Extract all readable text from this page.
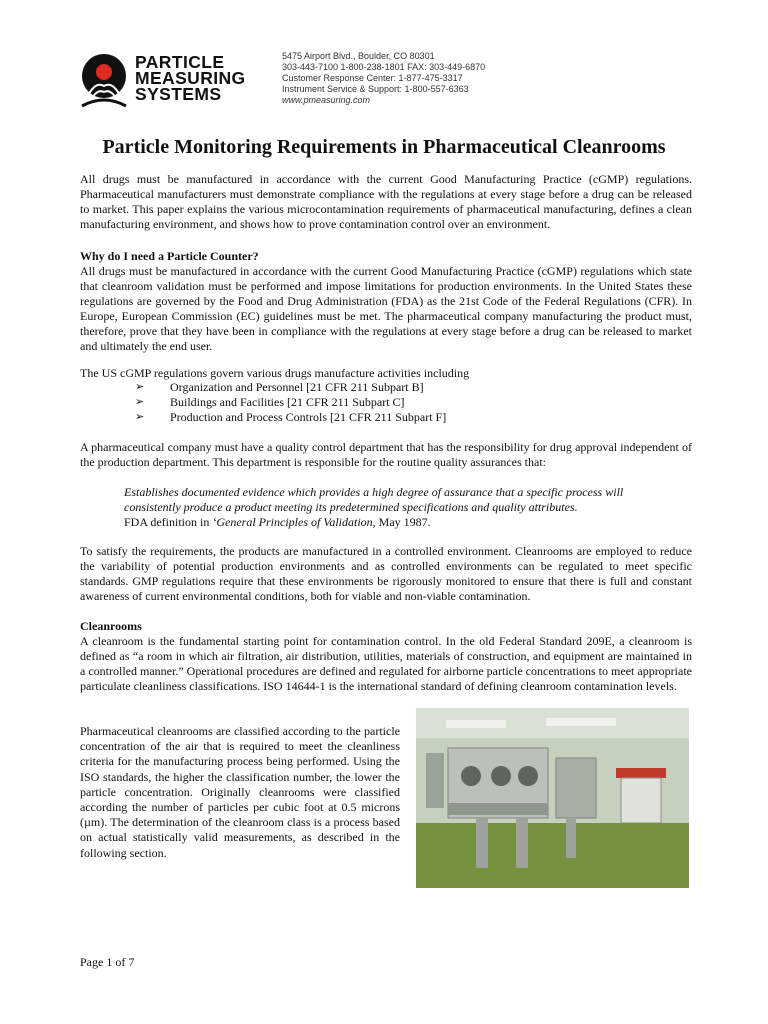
PARTICLE
MEASURING
SYSTEMS
5475 Airport Blvd., Boulder, CO 80301
303-443-7100 1-800-238-1801 FAX: 303-449-6870
Customer Response Center: 1-877-475-3317
Instrument Service & Support: 1-800-557-6363
www.pmeasuring.com
Particle Monitoring Requirements in Pharmaceutical Cleanrooms

All drugs must be manufactured in accordance with the current Good Manufacturing Practice (cGMP) regulations. Pharmaceutical manufacturers must demonstrate compliance with the regulations at every stage before a drug can be released to market. This paper explains the various microcontamination requirements of pharmaceutical manufacturing, defines a clean manufacturing environment, and shows how to prove contamination control over an environment.

Why do I need a Particle Counter?

All drugs must be manufactured in accordance with the current Good Manufacturing Practice (cGMP) regulations which state that cleanroom validation must be performed and impose limitations for production environments. In the United States these regulations are governed by the Food and Drug Administration (FDA) as the 21st Code of the Federal Regulations (CFR). In Europe, European Commission (EC) guidelines must be met. The pharmaceutical company manufacturing the product must, therefore, prove that they have been in compliance with the regulations at every stage before a drug can be released to market and ultimately the end user.

The US cGMP regulations govern various drugs manufacture activities including

➢ Organization and Personnel [21 CFR 211 Subpart B]
➢ Buildings and Facilities [21 CFR 211 Subpart C]
➢ Production and Process Controls [21 CFR 211 Subpart F]

A pharmaceutical company must have a quality control department that has the responsibility for drug approval independent of the production department. This department is responsible for the routine quality assurances that:

Establishes documented evidence which provides a high degree of assurance that a specific process will consistently produce a product meeting its predetermined specifications and quality attributes.
FDA definition in ‘General Principles of Validation, May 1987.

To satisfy the requirements, the products are manufactured in a controlled environment. Cleanrooms are employed to reduce the variability of potential production environments and as controlled environments can be regulated to meet specific standards. GMP regulations require that these environments be rigorously monitored to ensure that there is full and constant awareness of current environmental conditions, both for viable and non-viable contamination.

Cleanrooms

A cleanroom is the fundamental starting point for contamination control. In the old Federal Standard 209E, a cleanroom is defined as “a room in which air filtration, air distribution, utilities, materials of construction, and equipment are maintained in a controlled manner.” Operational procedures are defined and regulated for airborne particle concentrations to meet appropriate particulate cleanliness classifications. ISO 14644-1 is the international standard of defining cleanroom contamination levels.

Pharmaceutical cleanrooms are classified according to the particle concentration of the air that is required to meet the cleanliness criteria for the manufacturing process being performed. Using the ISO standards, the higher the classification number, the lower the particle concentration. Originally cleanrooms were classified according the number of particles per cubic foot at 0.5 microns (µm). The determination of the cleanroom class is a process based on actual statistically valid measurements, as described in the following section.

Page 1 of 7
